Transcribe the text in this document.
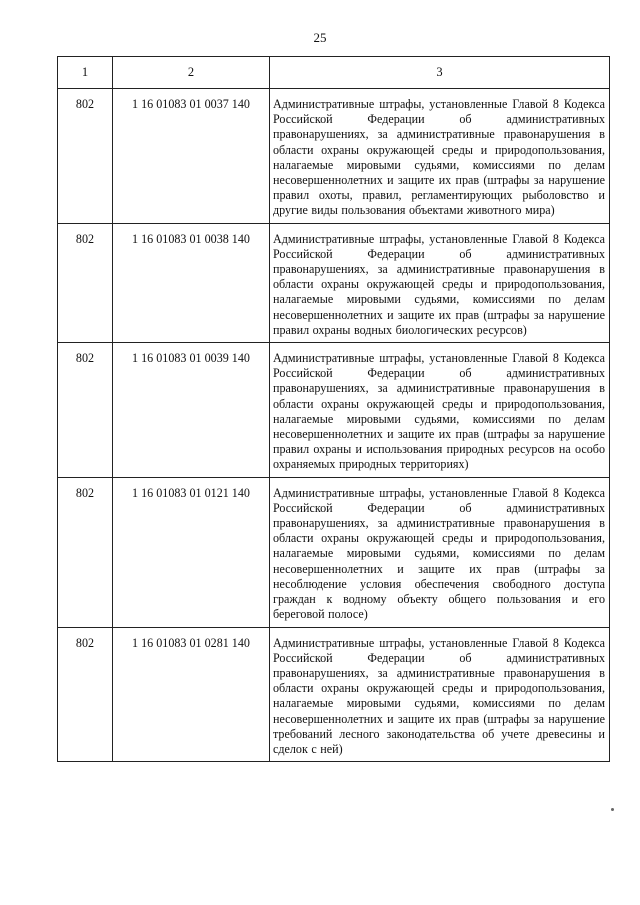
25
1	2	3
802	1 16 01083 01 0037 140	Административные штрафы, установленные Главой 8 Кодекса Российской Федерации об административных правонарушениях, за административные правонарушения в области охраны окружающей среды и природопользования, налагаемые мировыми судьями, комиссиями по делам несовершеннолетних и защите их прав (штрафы за нарушение правил охоты, правил, регламентирующих рыболовство и другие виды пользования объектами животного мира)

802	1 16 01083 01 0038 140	Административные штрафы, установленные Главой 8 Кодекса Российской Федерации об административных правонарушениях, за административные правонарушения в области охраны окружающей среды и природопользования, налагаемые мировыми судьями, комиссиями по делам несовершеннолетних и защите их прав (штрафы за нарушение правил охраны водных биологических ресурсов)

802	1 16 01083 01 0039 140	Административные штрафы, установленные Главой 8 Кодекса Российской Федерации об административных правонарушениях, за административные правонарушения в области охраны окружающей среды и природопользования, налагаемые мировыми судьями, комиссиями по делам несовершеннолетних и защите их прав (штрафы за нарушение правил охраны и использования природных ресурсов на особо охраняемых природных территориях)

802	1 16 01083 01 0121 140	Административные штрафы, установленные Главой 8 Кодекса Российской Федерации об административных правонарушениях, за административные правонарушения в области охраны окружающей среды и природопользования, налагаемые мировыми судьями, комиссиями по делам несовершеннолетних и защите их прав (штрафы за несоблюдение условия обеспечения свободного доступа граждан к водному объекту общего пользования и его береговой полосе)

802	1 16 01083 01 0281 140	Административные штрафы, установленные Главой 8 Кодекса Российской Федерации об административных правонарушениях, за административные правонарушения в области охраны окружающей среды и природопользования, налагаемые мировыми судьями, комиссиями по делам несовершеннолетних и защите их прав (штрафы за нарушение требований лесного законодательства об учете древесины и сделок с ней)
